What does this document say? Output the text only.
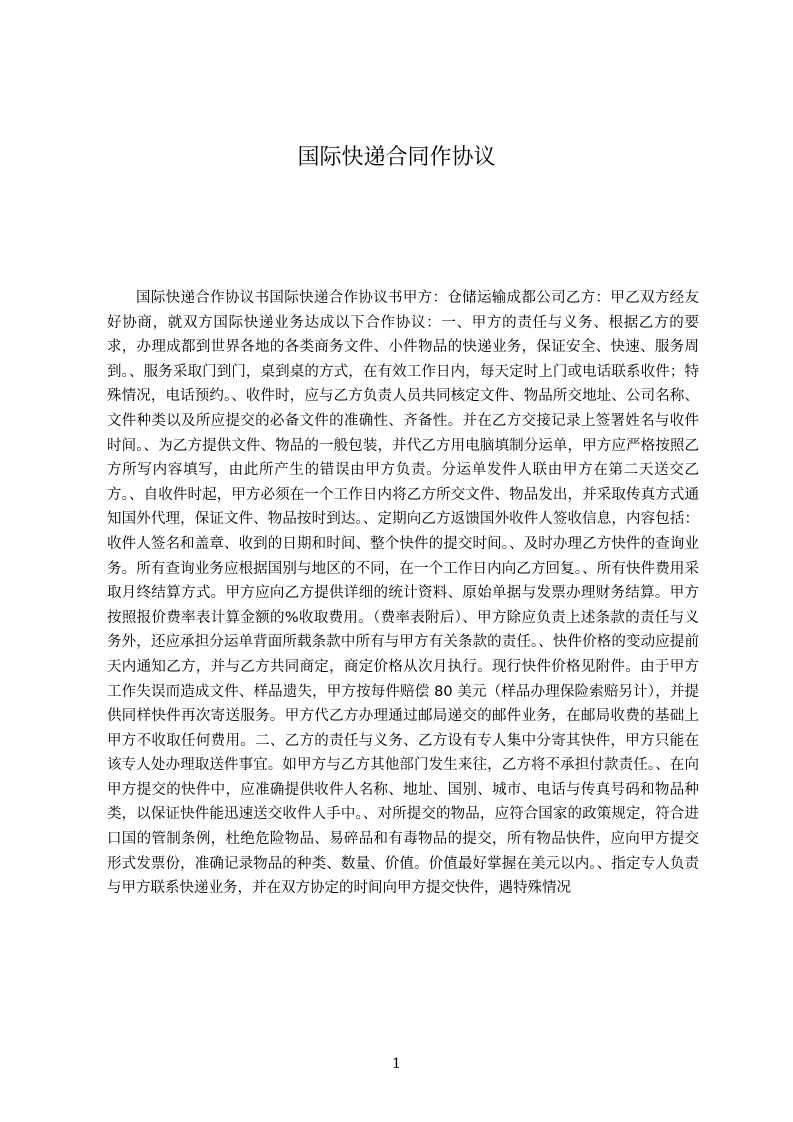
国际快递合同作协议

国际快递合作协议书国际快递合作协议书甲方：仓储运输成都公司乙方：甲乙双方经友好协商，就双方国际快递业务达成以下合作协议：一、甲方的责任与义务、根据乙方的要求，办理成都到世界各地的各类商务文件、小件物品的快递业务，保证安全、快速、服务周到。、服务采取门到门，桌到桌的方式，在有效工作日内，每天定时上门或电话联系收件；特殊情况，电话预约。、收件时，应与乙方负责人员共同核定文件、物品所交地址、公司名称、文件种类以及所应提交的必备文件的准确性、齐备性。并在乙方交接记录上签署姓名与收件时间。、为乙方提供文件、物品的一般包装，并代乙方用电脑填制分运单，甲方应严格按照乙方所写内容填写，由此所产生的错误由甲方负责。分运单发件人联由甲方在第二天送交乙方。、自收件时起，甲方必须在一个工作日内将乙方所交文件、物品发出，并采取传真方式通知国外代理，保证文件、物品按时到达。、定期向乙方返馈国外收件人签收信息，内容包括：收件人签名和盖章、收到的日期和时间、整个快件的提交时间。、及时办理乙方快件的查询业务。所有查询业务应根据国别与地区的不同，在一个工作日内向乙方回复。、所有快件费用采取月终结算方式。甲方应向乙方提供详细的统计资料、原始单据与发票办理财务结算。甲方按照报价费率表计算金额的%收取费用。（费率表附后）、甲方除应负责上述条款的责任与义务外，还应承担分运单背面所载条款中所有与甲方有关条款的责任。、快件价格的变动应提前天内通知乙方，并与乙方共同商定，商定价格从次月执行。现行快件价格见附件。由于甲方工作失误而造成文件、样品遗失，甲方按每件赔偿 80 美元（样品办理保险索赔另计），并提供同样快件再次寄送服务。甲方代乙方办理通过邮局递交的邮件业务，在邮局收费的基础上甲方不收取任何费用。二、乙方的责任与义务、乙方设有专人集中分寄其快件，甲方只能在该专人处办理取送件事宜。如甲方与乙方其他部门发生来往，乙方将不承担付款责任。、在向甲方提交的快件中，应准确提供收件人名称、地址、国别、城市、电话与传真号码和物品种类，以保证快件能迅速送交收件人手中。、对所提交的物品，应符合国家的政策规定，符合进口国的管制条例，杜绝危险物品、易碎品和有毒物品的提交，所有物品快件，应向甲方提交形式发票份，准确记录物品的种类、数量、价值。价值最好掌握在美元以内。、指定专人负责与甲方联系快递业务，并在双方协定的时间向甲方提交快件，遇特殊情况

1
